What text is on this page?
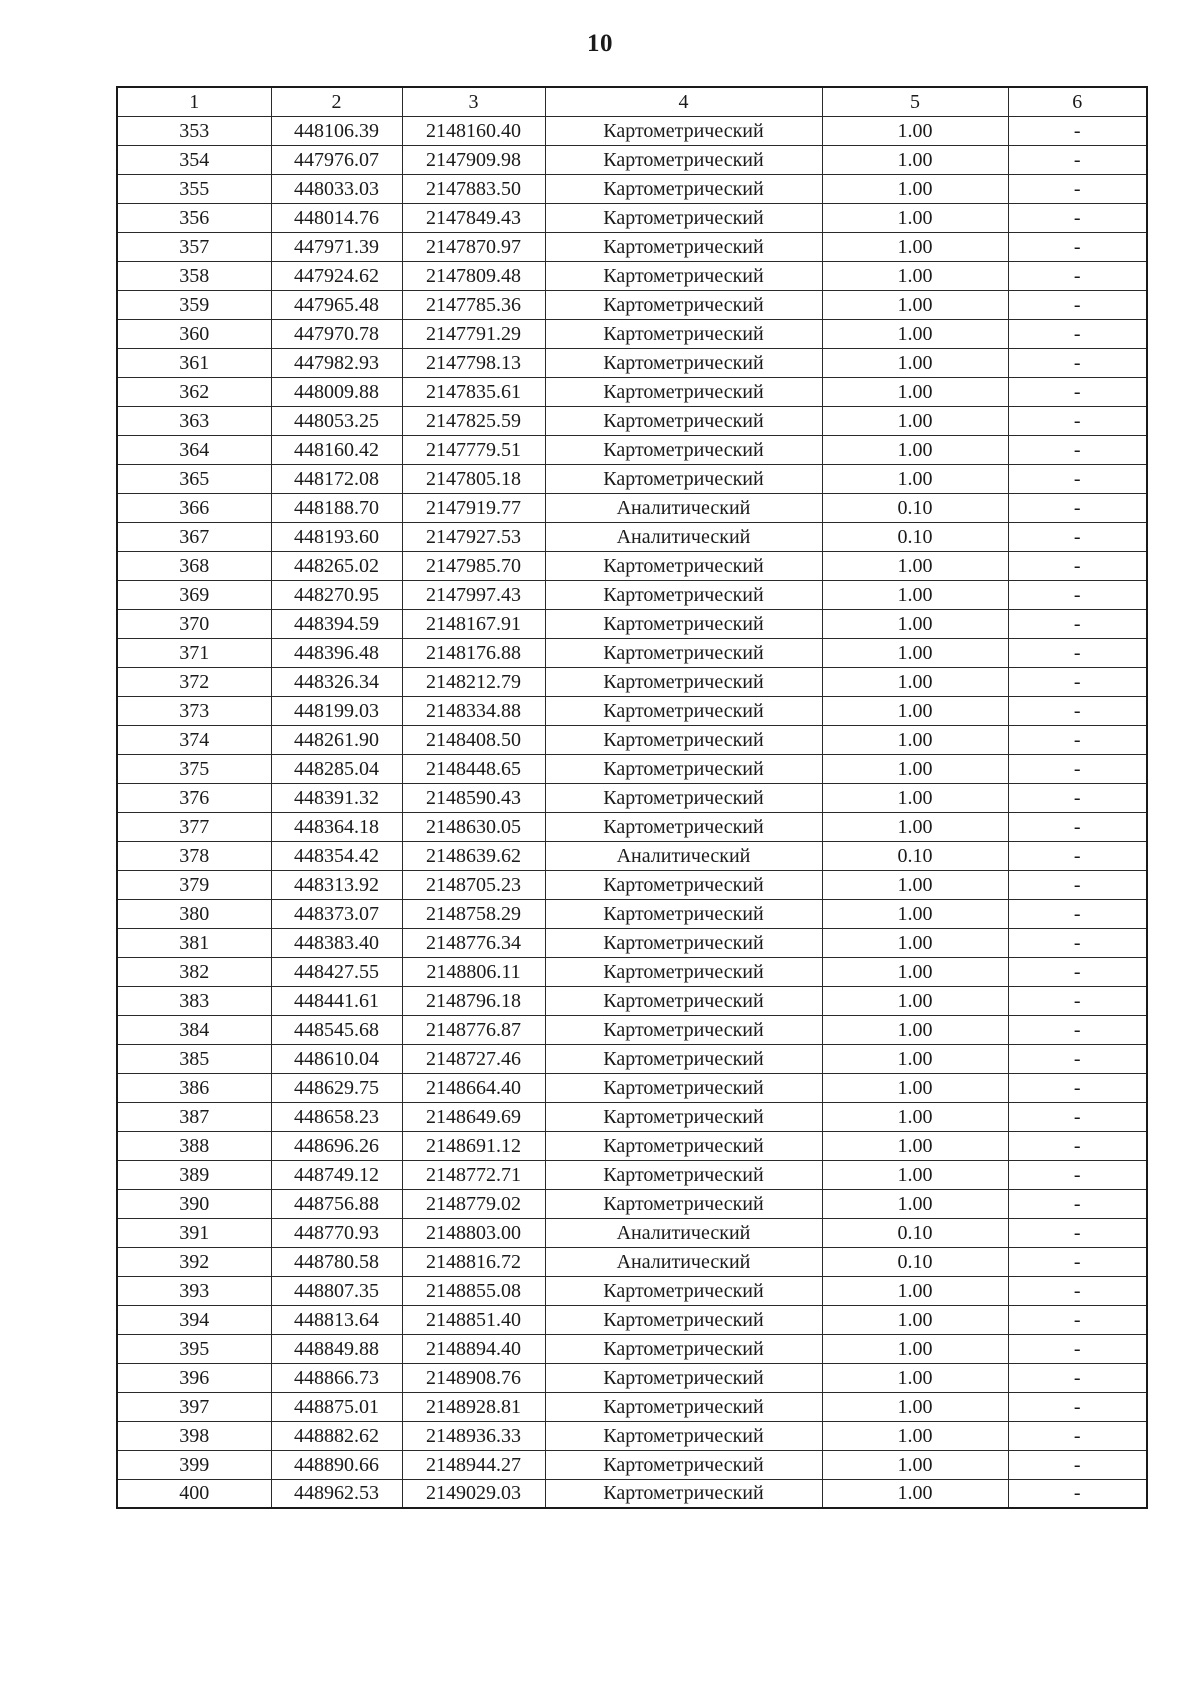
10
1	2	3	4	5	6
353	448106.39	2148160.40	Картометрический	1.00	-
354	447976.07	2147909.98	Картометрический	1.00	-
355	448033.03	2147883.50	Картометрический	1.00	-
356	448014.76	2147849.43	Картометрический	1.00	-
357	447971.39	2147870.97	Картометрический	1.00	-
358	447924.62	2147809.48	Картометрический	1.00	-
359	447965.48	2147785.36	Картометрический	1.00	-
360	447970.78	2147791.29	Картометрический	1.00	-
361	447982.93	2147798.13	Картометрический	1.00	-
362	448009.88	2147835.61	Картометрический	1.00	-
363	448053.25	2147825.59	Картометрический	1.00	-
364	448160.42	2147779.51	Картометрический	1.00	-
365	448172.08	2147805.18	Картометрический	1.00	-
366	448188.70	2147919.77	Аналитический	0.10	-
367	448193.60	2147927.53	Аналитический	0.10	-
368	448265.02	2147985.70	Картометрический	1.00	-
369	448270.95	2147997.43	Картометрический	1.00	-
370	448394.59	2148167.91	Картометрический	1.00	-
371	448396.48	2148176.88	Картометрический	1.00	-
372	448326.34	2148212.79	Картометрический	1.00	-
373	448199.03	2148334.88	Картометрический	1.00	-
374	448261.90	2148408.50	Картометрический	1.00	-
375	448285.04	2148448.65	Картометрический	1.00	-
376	448391.32	2148590.43	Картометрический	1.00	-
377	448364.18	2148630.05	Картометрический	1.00	-
378	448354.42	2148639.62	Аналитический	0.10	-
379	448313.92	2148705.23	Картометрический	1.00	-
380	448373.07	2148758.29	Картометрический	1.00	-
381	448383.40	2148776.34	Картометрический	1.00	-
382	448427.55	2148806.11	Картометрический	1.00	-
383	448441.61	2148796.18	Картометрический	1.00	-
384	448545.68	2148776.87	Картометрический	1.00	-
385	448610.04	2148727.46	Картометрический	1.00	-
386	448629.75	2148664.40	Картометрический	1.00	-
387	448658.23	2148649.69	Картометрический	1.00	-
388	448696.26	2148691.12	Картометрический	1.00	-
389	448749.12	2148772.71	Картометрический	1.00	-
390	448756.88	2148779.02	Картометрический	1.00	-
391	448770.93	2148803.00	Аналитический	0.10	-
392	448780.58	2148816.72	Аналитический	0.10	-
393	448807.35	2148855.08	Картометрический	1.00	-
394	448813.64	2148851.40	Картометрический	1.00	-
395	448849.88	2148894.40	Картометрический	1.00	-
396	448866.73	2148908.76	Картометрический	1.00	-
397	448875.01	2148928.81	Картометрический	1.00	-
398	448882.62	2148936.33	Картометрический	1.00	-
399	448890.66	2148944.27	Картометрический	1.00	-
400	448962.53	2149029.03	Картометрический	1.00	-
